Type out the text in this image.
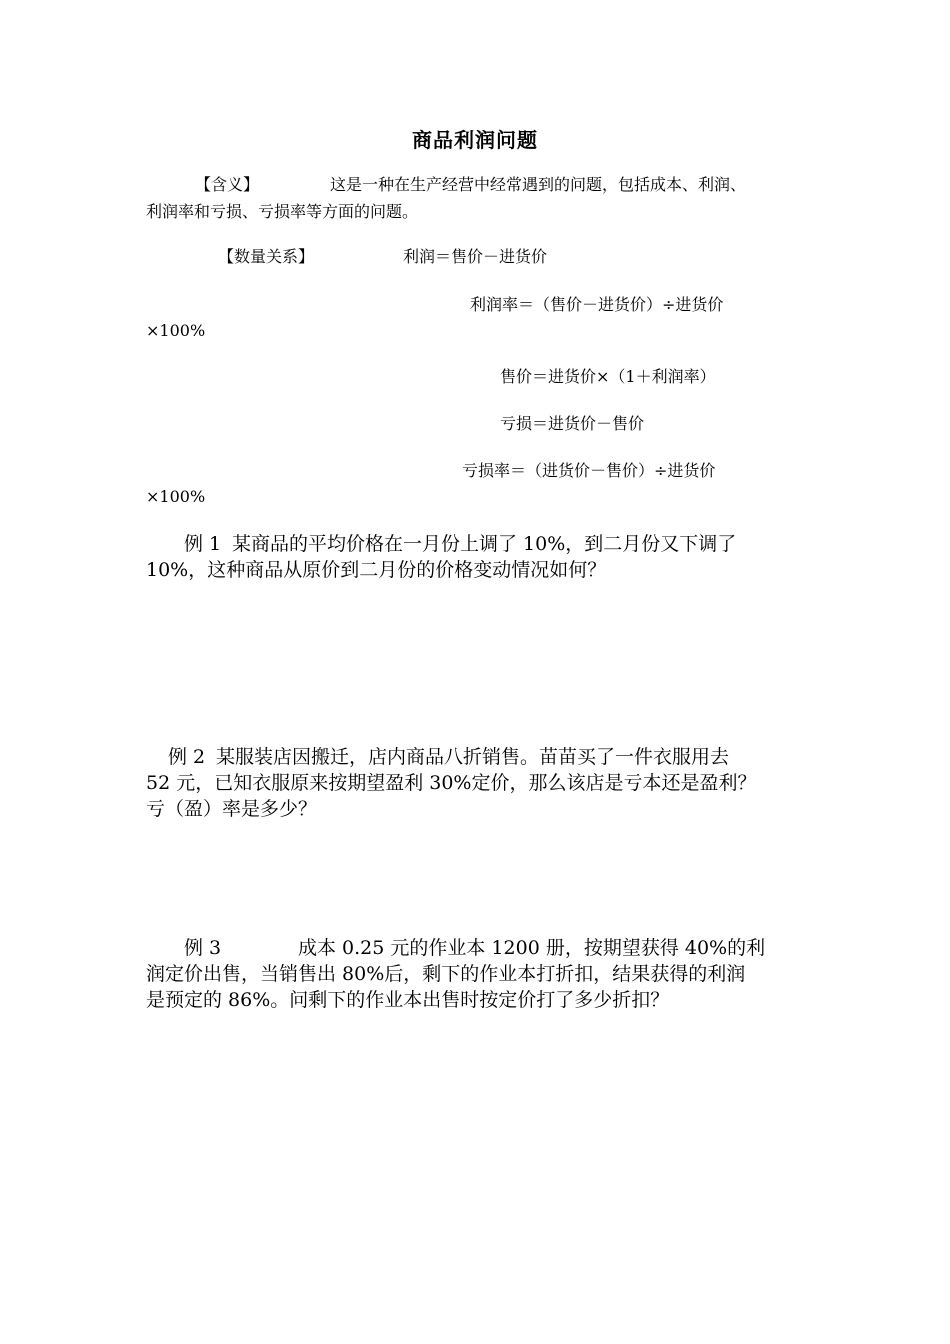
商品利润问题
【含义】	这是一种在生产经营中经常遇到的问题，包括成本、利润、
利润率和亏损、亏损率等方面的问题。
【数量关系】	利润＝售价－进货价
利润率＝（售价－进货价）÷进货价
×100%
售价＝进货价×（1＋利润率）
亏损＝进货价－售价
亏损率＝（进货价－售价）÷进货价
×100%
例 1 某商品的平均价格在一月份上调了 10%，到二月份又下调了
10%，这种商品从原价到二月份的价格变动情况如何？
例 2 某服装店因搬迁，店内商品八折销售。苗苗买了一件衣服用去
52 元，已知衣服原来按期望盈利 30%定价，那么该店是亏本还是盈利？
亏（盈）率是多少？
例 3	成本 0.25 元的作业本 1200 册，按期望获得 40%的利
润定价出售，当销售出 80%后，剩下的作业本打折扣，结果获得的利润
是预定的 86%。问剩下的作业本出售时按定价打了多少折扣？
